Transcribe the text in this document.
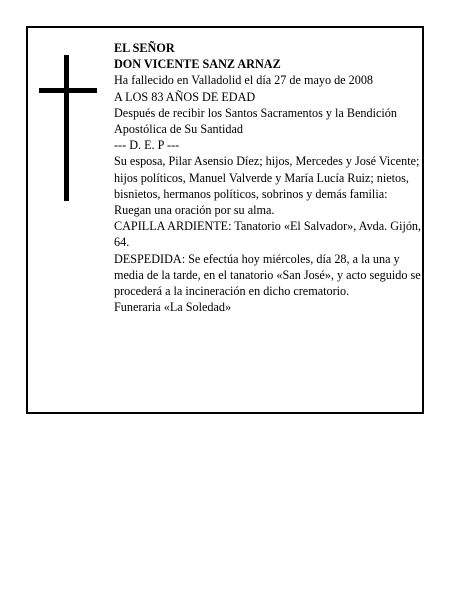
EL SEÑOR

DON VICENTE SANZ ARNAZ

Ha fallecido en Valladolid el día 27 de mayo de 2008

A LOS 83 AÑOS DE EDAD

Después de recibir los Santos Sacramentos y la Bendición Apostólica de Su Santidad

--- D. E. P ---

Su esposa, Pilar Asensio Díez; hijos, Mercedes y José Vicente; hijos políticos, Manuel Valverde y María Lucía Ruiz; nietos, bisnietos, hermanos políticos, sobrinos y demás familia:

Ruegan una oración por su alma.

CAPILLA ARDIENTE: Tanatorio «El Salvador», Avda. Gijón, 64.

DESPEDIDA: Se efectúa hoy miércoles, día 28, a la una y media de la tarde, en el tanatorio «San José», y acto seguido se procederá a la incineración en dicho crematorio.

Funeraria «La Soledad»
